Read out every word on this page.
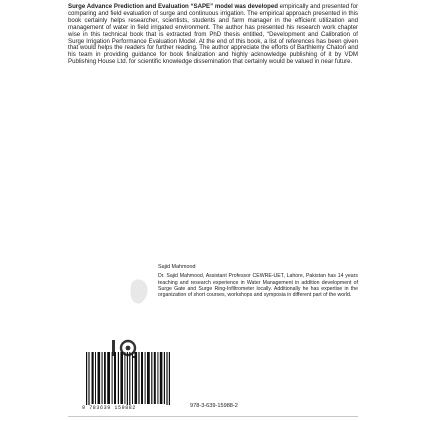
Surge Advance Prediction and Evaluation “SAPE” model was developed empirically and presented for comparing and field evaluation of surge and continuous irrigation. The empirical approach presented in this book certainly helps researcher, scientists, students and farm manager in the efficient utilization and management of water in field irrigated environment. The author has presented his research work chapter wise in this technical book that is extracted from PhD thesis entitled, “Development and Calibration of Surge Irrigation Performance Evaluation Model. At the end of this book, a list of references has been given that would helps the readers for further reading. The author appreciate the efforts of Barthlemy Chaton and his team in providing guidance for book finalization and highly acknowledge publishing of it by VDM Publishing House Ltd. for scientific knowledge dissemination that certainly would be valued in near future.

Sajid Mahmood
Dr. Sajid Mahmood, Assistant Professor CEWRE-UET, Lahore, Pakistan has 14 years teaching and research experience in Water Management in addition development of Surge Gate and Surge Ring-Infiltrometer locally. Additionally he has expertise in the organization of short courses, workshops and symposia in different part of the world.
9 783639 159882	978-3-639-15988-2
